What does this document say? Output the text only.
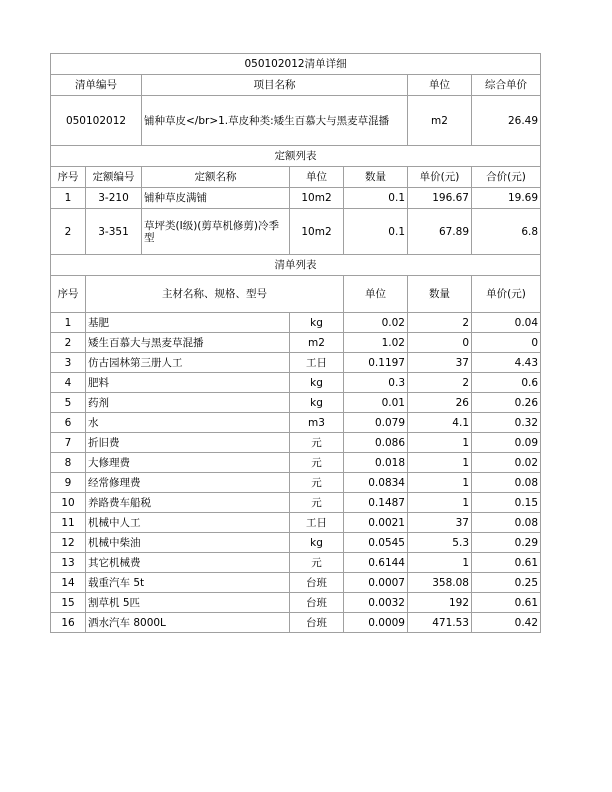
050102012清单详细							
清单编号		项目名称			单位	综合单价	
050102012		铺种草皮</br>1.草皮种类:矮生百慕大与黑麦草混播			m2	26.49	
定额列表							
序号	定额编号	定额名称	单位	数量	单价(元)	合价(元)	
1	3-210	铺种草皮满铺	10m2	0.1	196.67	19.69	
2	3-351	草坪类(I级)(剪草机修剪)冷季型	10m2	0.1	67.89	6.8	
清单列表							
序号	主材名称、规格、型号			单位	数量	单价(元)	
1	基肥		kg	0.02	2	0.04	
2	矮生百慕大与黑麦草混播		m2	1.02	0	0	
3	仿古园林第三册人工		工日	0.1197	37	4.43	
4	肥料		kg	0.3	2	0.6	
5	药剂		kg	0.01	26	0.26	
6	水		m3	0.079	4.1	0.32	
7	折旧费		元	0.086	1	0.09	
8	大修理费		元	0.018	1	0.02	
9	经常修理费		元	0.0834	1	0.08	
10	养路费车船税		元	0.1487	1	0.15	
11	机械中人工		工日	0.0021	37	0.08	
12	机械中柴油		kg	0.0545	5.3	0.29	
13	其它机械费		元	0.6144	1	0.61	
14	载重汽车 5t		台班	0.0007	358.08	0.25	
15	割草机 5匹		台班	0.0032	192	0.61	
16	洒水汽车 8000L		台班	0.0009	471.53	0.42	
